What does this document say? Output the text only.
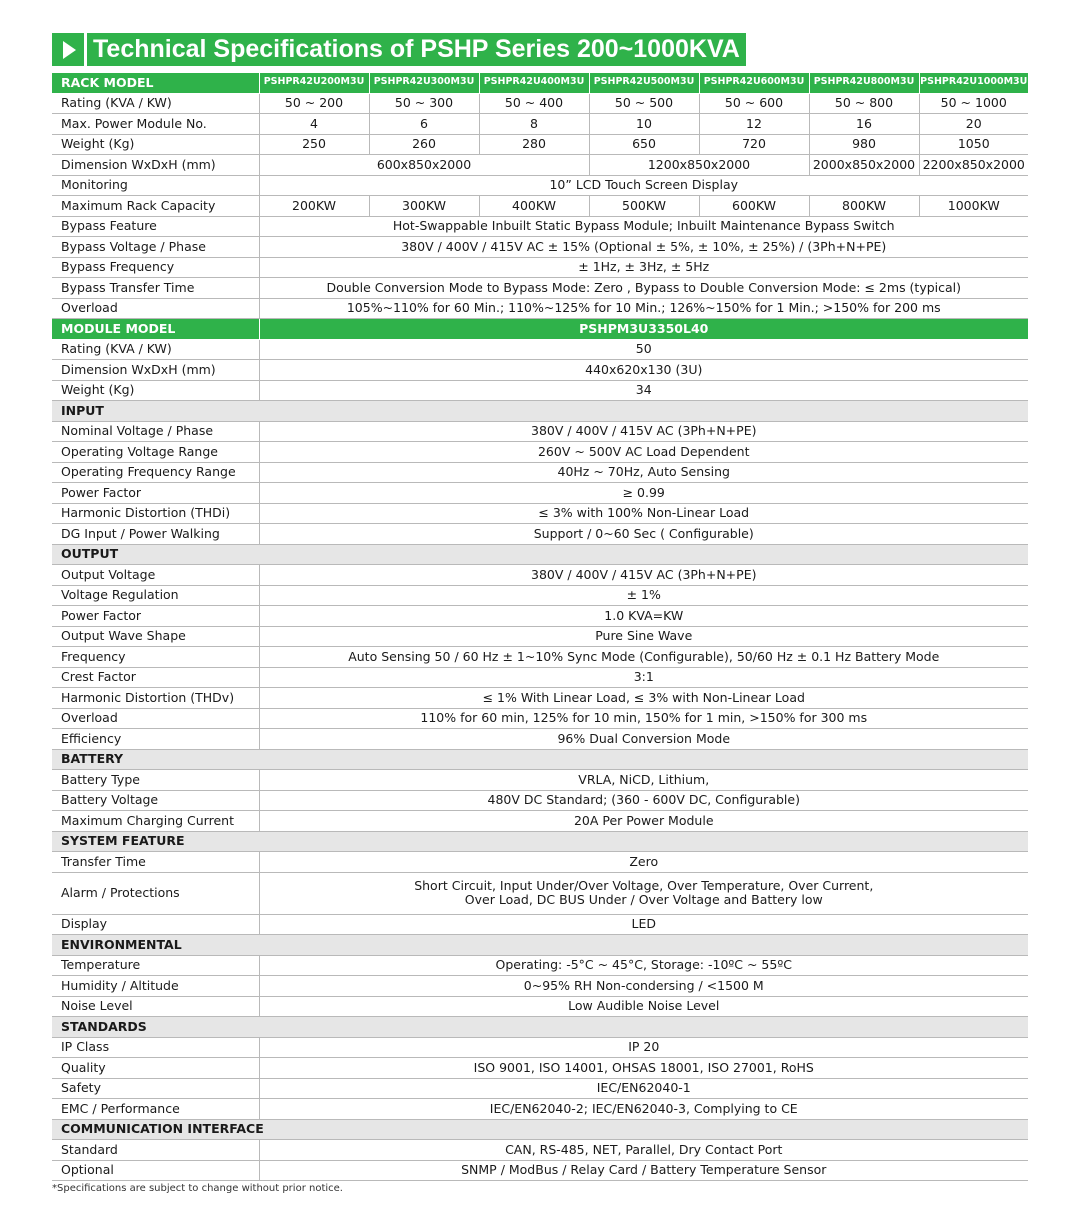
Technical Specifications of PSHP Series 200~1000KVA
RACK MODEL	PSHPR42U200M3U	PSHPR42U300M3U	PSHPR42U400M3U	PSHPR42U500M3U	PSHPR42U600M3U	PSHPR42U800M3U	PSHPR42U1000M3U
Rating (KVA / KW)	50 ~ 200	50 ~ 300	50 ~ 400	50 ~ 500	50 ~ 600	50 ~ 800	50 ~ 1000
Max. Power Module No.	4	6	8	10	12	16	20
Weight (Kg)	250	260	280	650	720	980	1050
Dimension WxDxH (mm)	600x850x2000			1200x850x2000		2000x850x2000	2200x850x2000
Monitoring	10” LCD Touch Screen Display						
Maximum Rack Capacity	200KW	300KW	400KW	500KW	600KW	800KW	1000KW
Bypass Feature	Hot-Swappable Inbuilt Static Bypass Module; Inbuilt Maintenance Bypass Switch						
Bypass Voltage / Phase	380V / 400V / 415V AC ± 15% (Optional ± 5%, ± 10%, ± 25%) / (3Ph+N+PE)						
Bypass Frequency	± 1Hz, ± 3Hz, ± 5Hz						
Bypass Transfer Time	Double Conversion Mode to Bypass Mode: Zero , Bypass to Double Conversion Mode: ≤ 2ms (typical)						
Overload	105%~110% for 60 Min.; 110%~125% for 10 Min.; 126%~150% for 1 Min.; >150% for 200 ms						
MODULE MODEL	PSHPM3U3350L40						
Rating (KVA / KW)	50						
Dimension WxDxH (mm)	440x620x130 (3U)						
Weight (Kg)	34						
INPUT							
Nominal Voltage / Phase	380V / 400V / 415V AC (3Ph+N+PE)						
Operating Voltage Range	260V ~ 500V AC Load Dependent						
Operating Frequency Range	40Hz ~ 70Hz, Auto Sensing						
Power Factor	≥ 0.99						
Harmonic Distortion (THDi)	≤ 3% with 100% Non-Linear Load						
DG Input / Power Walking	Support / 0~60 Sec ( Configurable)						
OUTPUT							
Output Voltage	380V / 400V / 415V AC (3Ph+N+PE)						
Voltage Regulation	± 1%						
Power Factor	1.0 KVA=KW						
Output Wave Shape	Pure Sine Wave						
Frequency	Auto Sensing 50 / 60 Hz ± 1~10% Sync Mode (Configurable), 50/60 Hz ± 0.1 Hz Battery Mode						
Crest Factor	3:1						
Harmonic Distortion (THDv)	≤ 1% With Linear Load, ≤ 3% with Non-Linear Load						
Overload	110% for 60 min, 125% for 10 min, 150% for 1 min, >150% for 300 ms						
Efficiency	96% Dual Conversion Mode						
BATTERY							
Battery Type	VRLA, NiCD, Lithium,						
Battery Voltage	480V DC Standard; (360 - 600V DC, Configurable)						
Maximum Charging Current	20A Per Power Module						
SYSTEM FEATURE							
Transfer Time	Zero						
Alarm / Protections	Short Circuit, Input Under/Over Voltage, Over Temperature, Over Current,
Over Load, DC BUS Under / Over Voltage and Battery low						

Display	LED						
ENVIRONMENTAL							
Temperature	Operating: -5°C ~ 45°C, Storage: -10ºC ~ 55ºC						
Humidity / Altitude	0~95% RH Non-condersing / <1500 M						
Noise Level	Low Audible Noise Level						
STANDARDS							
IP Class	IP 20						
Quality	ISO 9001, ISO 14001, OHSAS 18001, ISO 27001, RoHS						
Safety	IEC/EN62040-1						
EMC / Performance	IEC/EN62040-2; IEC/EN62040-3, Complying to CE						
COMMUNICATION INTERFACE							
Standard	CAN, RS-485, NET, Parallel, Dry Contact Port						
Optional	SNMP / ModBus / Relay Card / Battery Temperature Sensor						
*Specifications are subject to change without prior notice.
